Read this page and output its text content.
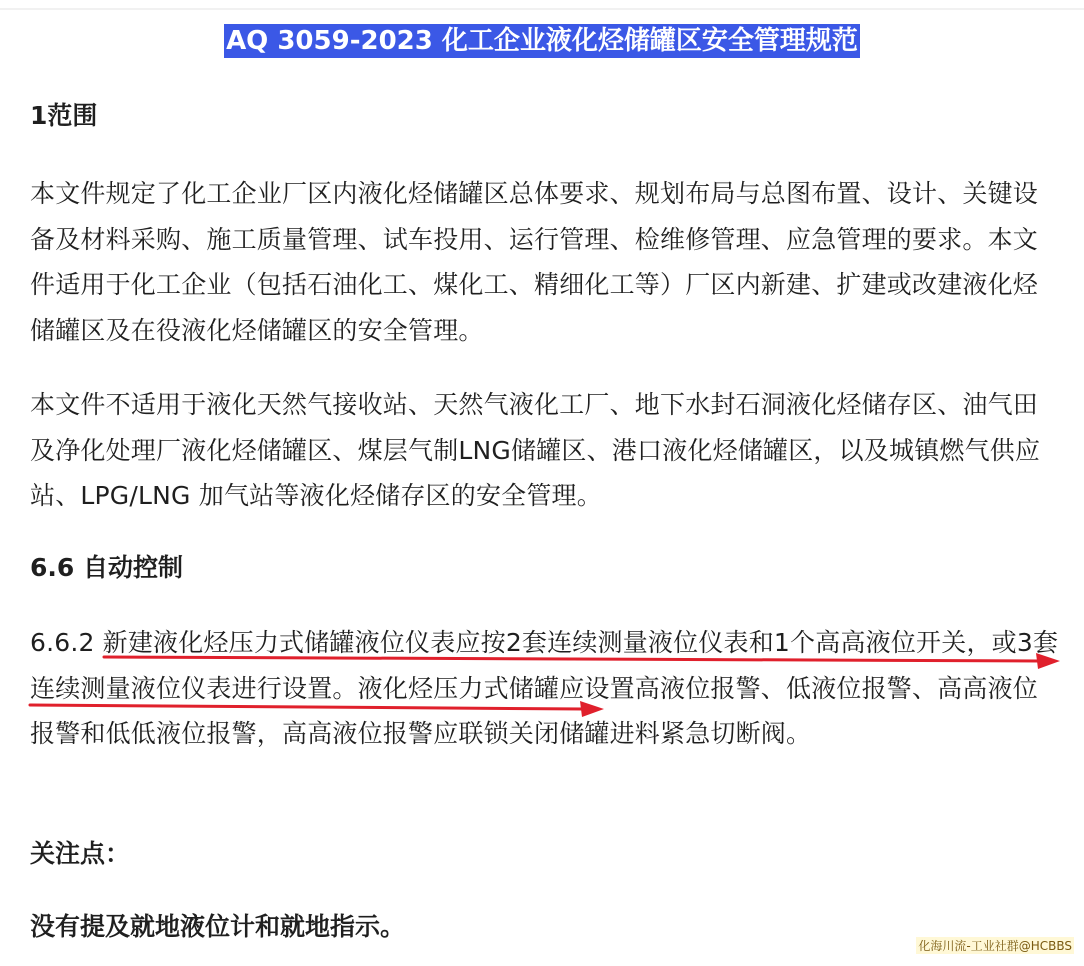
AQ 3059-2023 化工企业液化烃储罐区安全管理规范

1范围

本文件规定了化工企业厂区内液化烃储罐区总体要求、规划布局与总图布置、设计、关键设备及材料采购、施工质量管理、试车投用、运行管理、检维修管理、应急管理的要求。本文件适用于化工企业（包括石油化工、煤化工、精细化工等）厂区内新建、扩建或改建液化烃储罐区及在役液化烃储罐区的安全管理。

本文件不适用于液化天然气接收站、天然气液化工厂、地下水封石洞液化烃储存区、油气田及净化处理厂液化烃储罐区、煤层气制LNG储罐区、港口液化烃储罐区，以及城镇燃气供应站、LPG/LNG 加气站等液化烃储存区的安全管理。

6.6 自动控制

6.6.2 新建液化烃压力式储罐液位仪表应按2套连续测量液位仪表和1个高高液位开关，或3套连续测量液位仪表进行设置。液化烃压力式储罐应设置高液位报警、低液位报警、高高液位报警和低低液位报警，高高液位报警应联锁关闭储罐进料紧急切断阀。

关注点：

没有提及就地液位计和就地指示。

化海川流-工业社群@HCBBS
